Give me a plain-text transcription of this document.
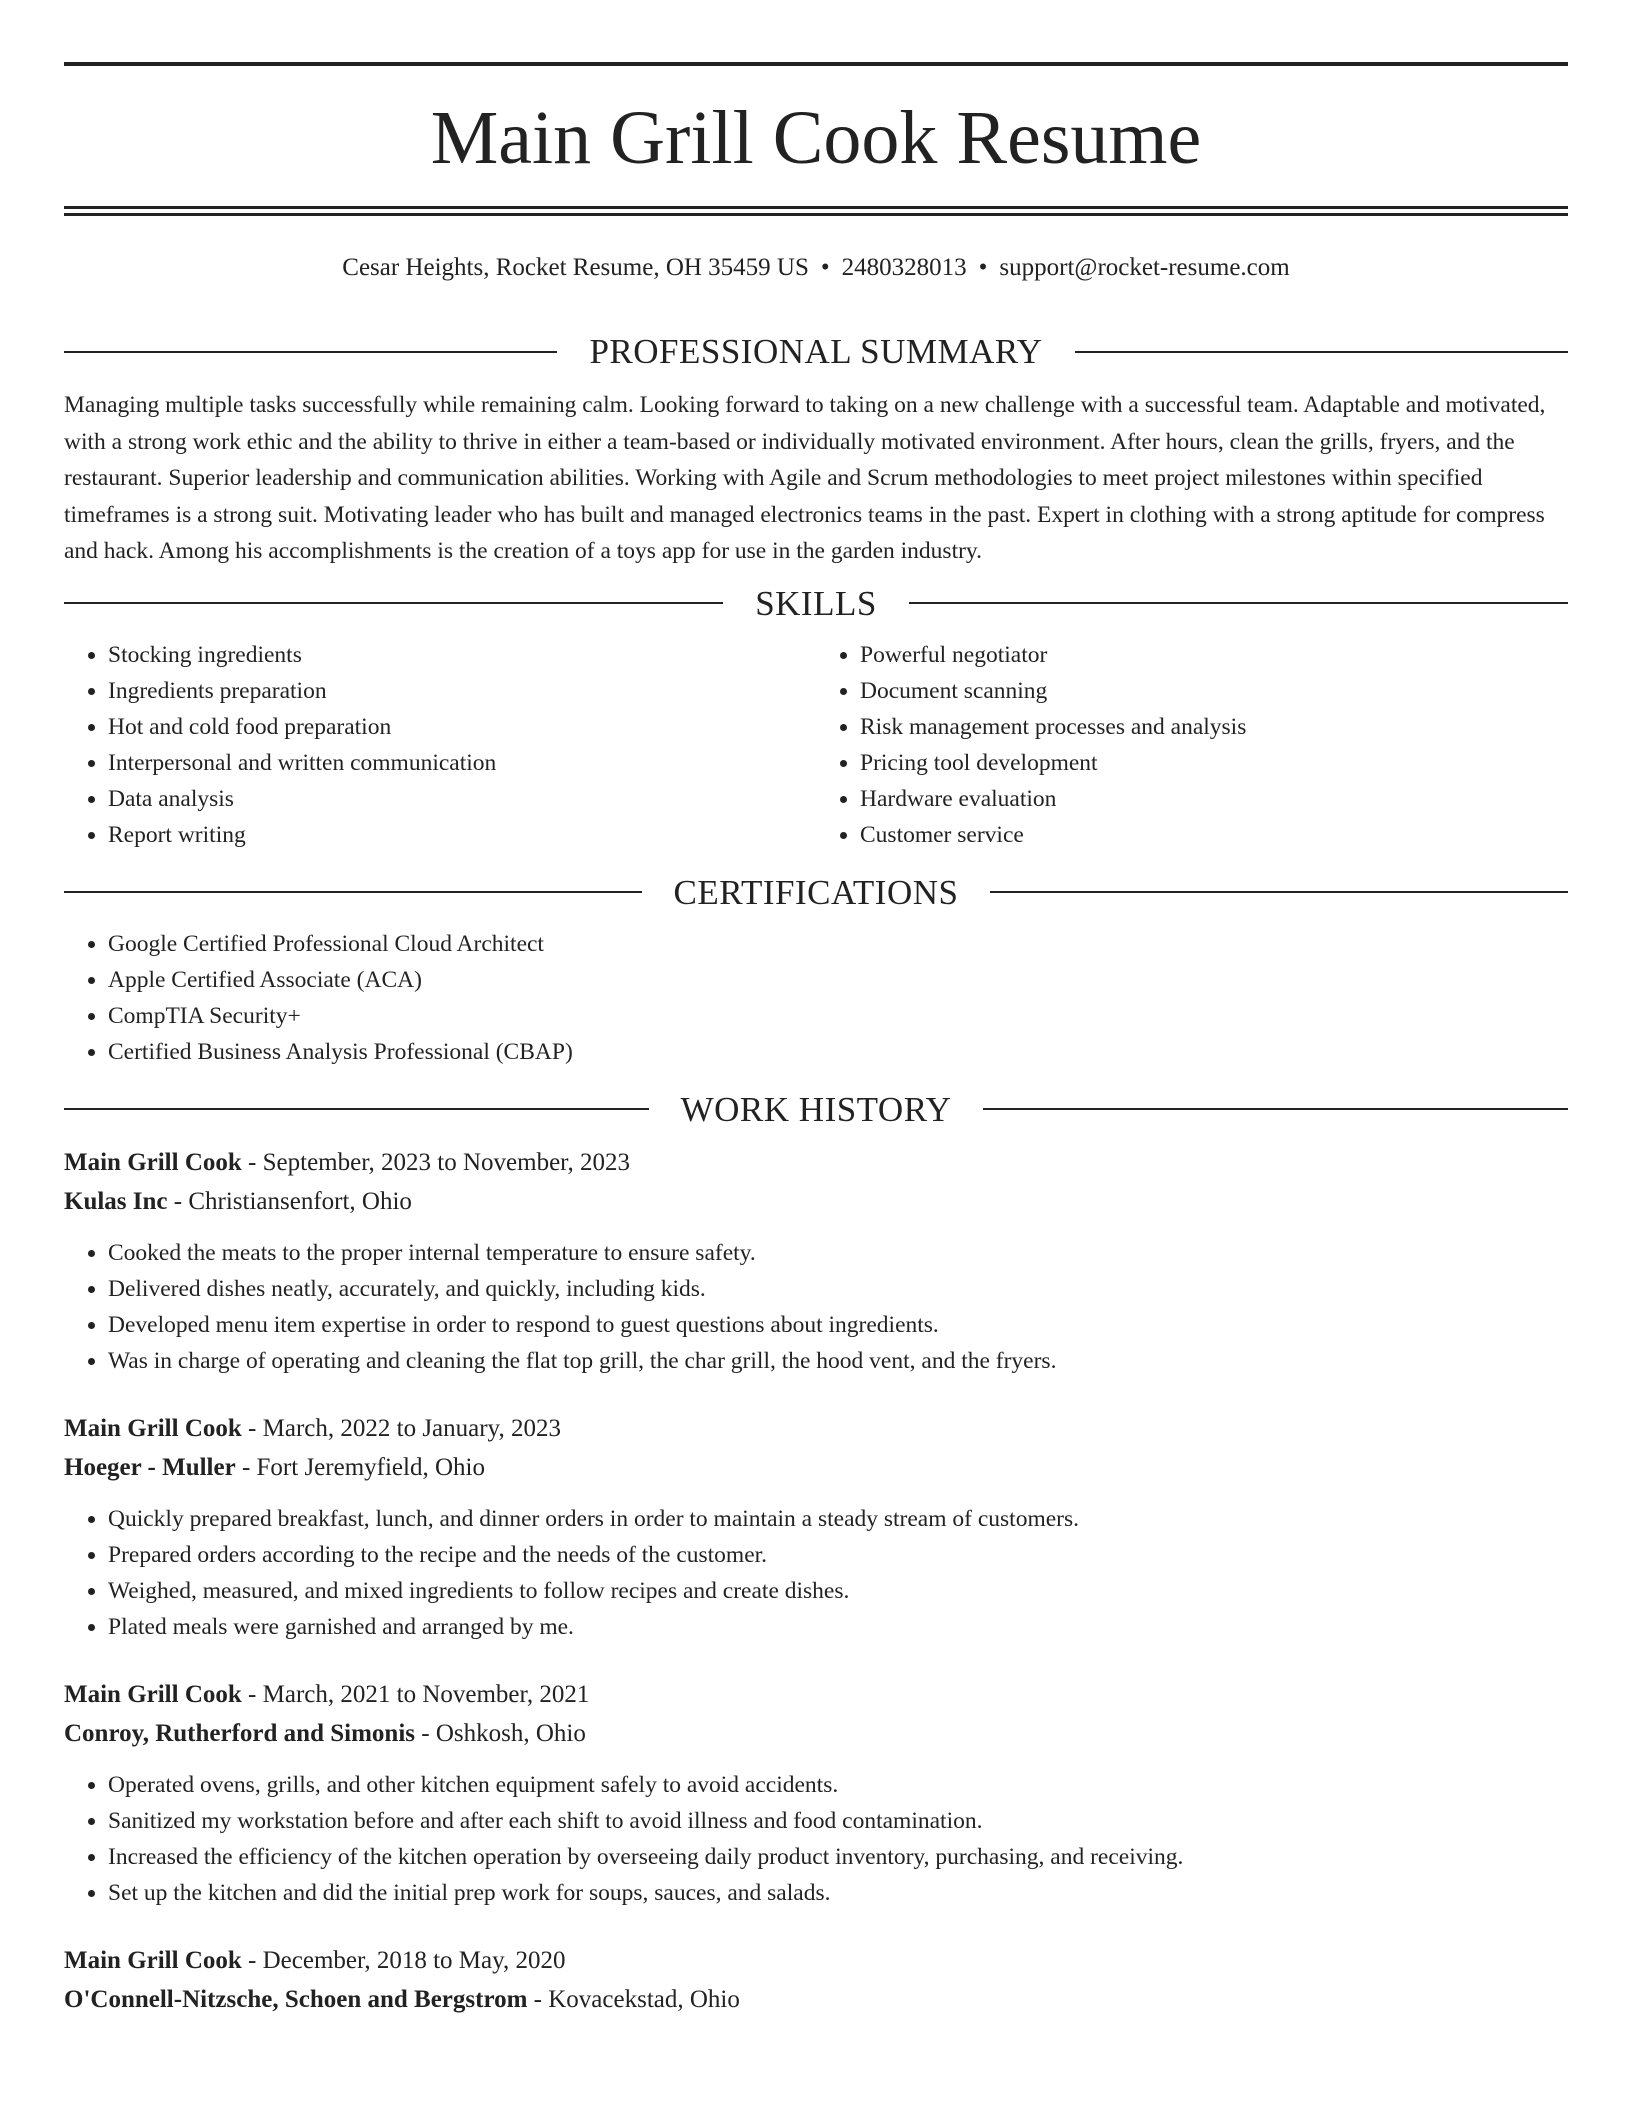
Main Grill Cook Resume
Cesar Heights, Rocket Resume, OH 35459 US • 2480328013 • support@rocket-resume.com
PROFESSIONAL SUMMARY

Managing multiple tasks successfully while remaining calm. Looking forward to taking on a new challenge with a successful team. Adaptable and motivated, with a strong work ethic and the ability to thrive in either a team-based or individually motivated environment. After hours, clean the grills, fryers, and the restaurant. Superior leadership and communication abilities. Working with Agile and Scrum methodologies to meet project milestones within specified timeframes is a strong suit. Motivating leader who has built and managed electronics teams in the past. Expert in clothing with a strong aptitude for compress and hack. Among his accomplishments is the creation of a toys app for use in the garden industry.

SKILLS
• Stocking ingredients
• Ingredients preparation
• Hot and cold food preparation
• Interpersonal and written communication
• Data analysis
• Report writing
• Powerful negotiator
• Document scanning
• Risk management processes and analysis
• Pricing tool development
• Hardware evaluation
• Customer service
CERTIFICATIONS
• Google Certified Professional Cloud Architect
• Apple Certified Associate (ACA)
• CompTIA Security+
• Certified Business Analysis Professional (CBAP)
WORK HISTORY
Main Grill Cook - September, 2023 to November, 2023
Kulas Inc - Christiansenfort, Ohio
• Cooked the meats to the proper internal temperature to ensure safety.
• Delivered dishes neatly, accurately, and quickly, including kids.
• Developed menu item expertise in order to respond to guest questions about ingredients.
• Was in charge of operating and cleaning the flat top grill, the char grill, the hood vent, and the fryers.
Main Grill Cook - March, 2022 to January, 2023
Hoeger - Muller - Fort Jeremyfield, Ohio
• Quickly prepared breakfast, lunch, and dinner orders in order to maintain a steady stream of customers.
• Prepared orders according to the recipe and the needs of the customer.
• Weighed, measured, and mixed ingredients to follow recipes and create dishes.
• Plated meals were garnished and arranged by me.
Main Grill Cook - March, 2021 to November, 2021
Conroy, Rutherford and Simonis - Oshkosh, Ohio
• Operated ovens, grills, and other kitchen equipment safely to avoid accidents.
• Sanitized my workstation before and after each shift to avoid illness and food contamination.
• Increased the efficiency of the kitchen operation by overseeing daily product inventory, purchasing, and receiving.
• Set up the kitchen and did the initial prep work for soups, sauces, and salads.
Main Grill Cook - December, 2018 to May, 2020
O'Connell-Nitzsche, Schoen and Bergstrom - Kovacekstad, Ohio
